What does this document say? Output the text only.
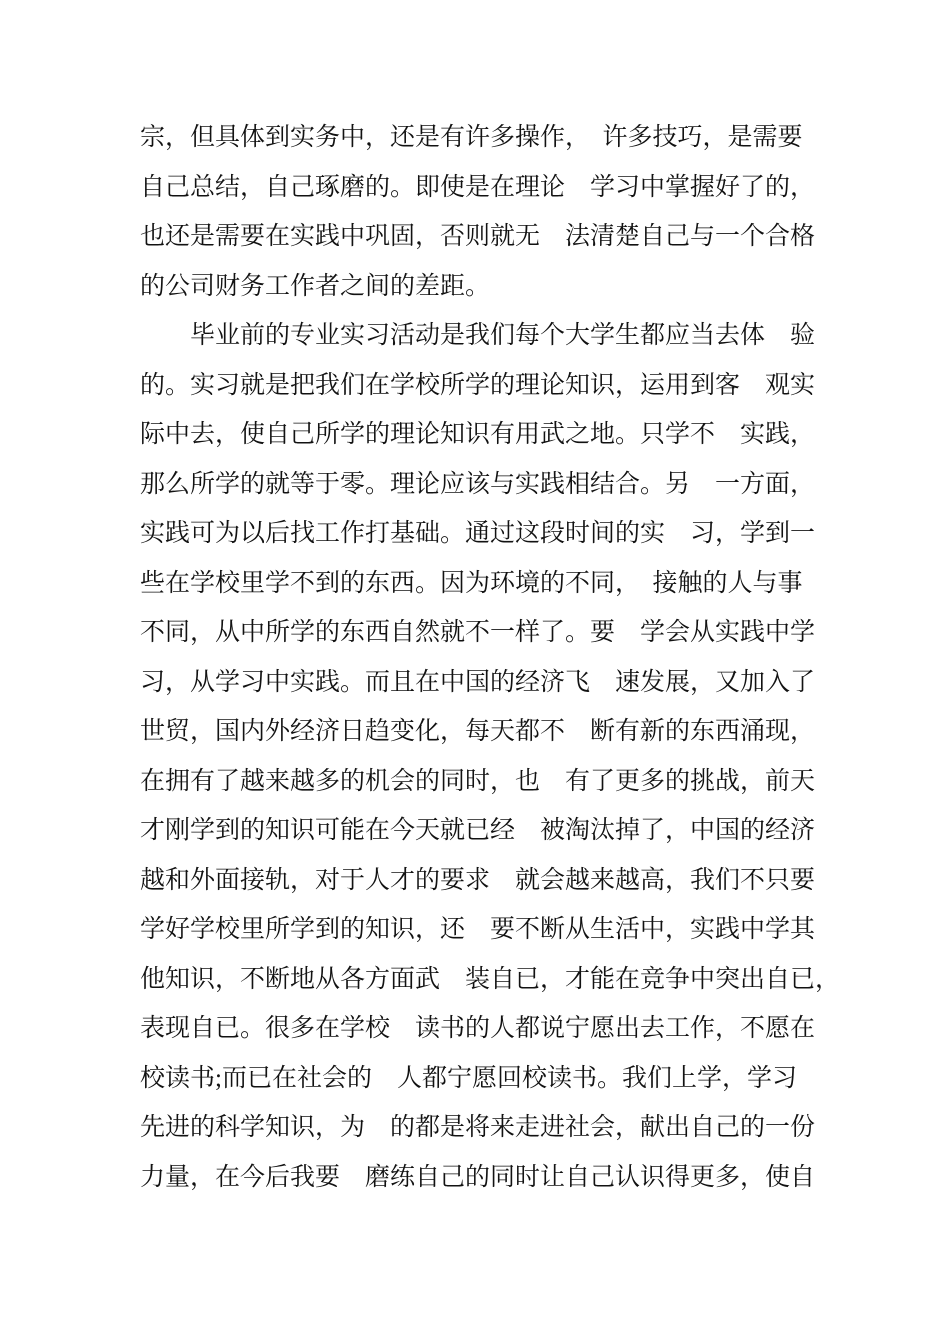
宗，但具体到实务中，还是有许多操作，　许多技巧，是需要
自己总结，自己琢磨的。即使是在理论　学习中掌握好了的，
也还是需要在实践中巩固，否则就无　法清楚自己与一个合格
的公司财务工作者之间的差距。

毕业前的专业实习活动是我们每个大学生都应当去体　验
的。实习就是把我们在学校所学的理论知识，运用到客　观实
际中去，使自己所学的理论知识有用武之地。只学不　实践，
那么所学的就等于零。理论应该与实践相结合。另　一方面，
实践可为以后找工作打基础。通过这段时间的实　习，学到一
些在学校里学不到的东西。因为环境的不同，　接触的人与事
不同，从中所学的东西自然就不一样了。要　学会从实践中学
习，从学习中实践。而且在中国的经济飞　速发展，又加入了
世贸，国内外经济日趋变化，每天都不　断有新的东西涌现，
在拥有了越来越多的机会的同时，也　有了更多的挑战，前天
才刚学到的知识可能在今天就已经　被淘汰掉了，中国的经济
越和外面接轨，对于人才的要求　就会越来越高，我们不只要
学好学校里所学到的知识，还　要不断从生活中，实践中学其
他知识，不断地从各方面武　装自已，才能在竞争中突出自已，
表现自已。很多在学校　读书的人都说宁愿出去工作，不愿在
校读书;而已在社会的　人都宁愿回校读书。我们上学，学习
先进的科学知识，为　的都是将来走进社会，献出自己的一份
力量，在今后我要　磨练自己的同时让自己认识得更多，使自
